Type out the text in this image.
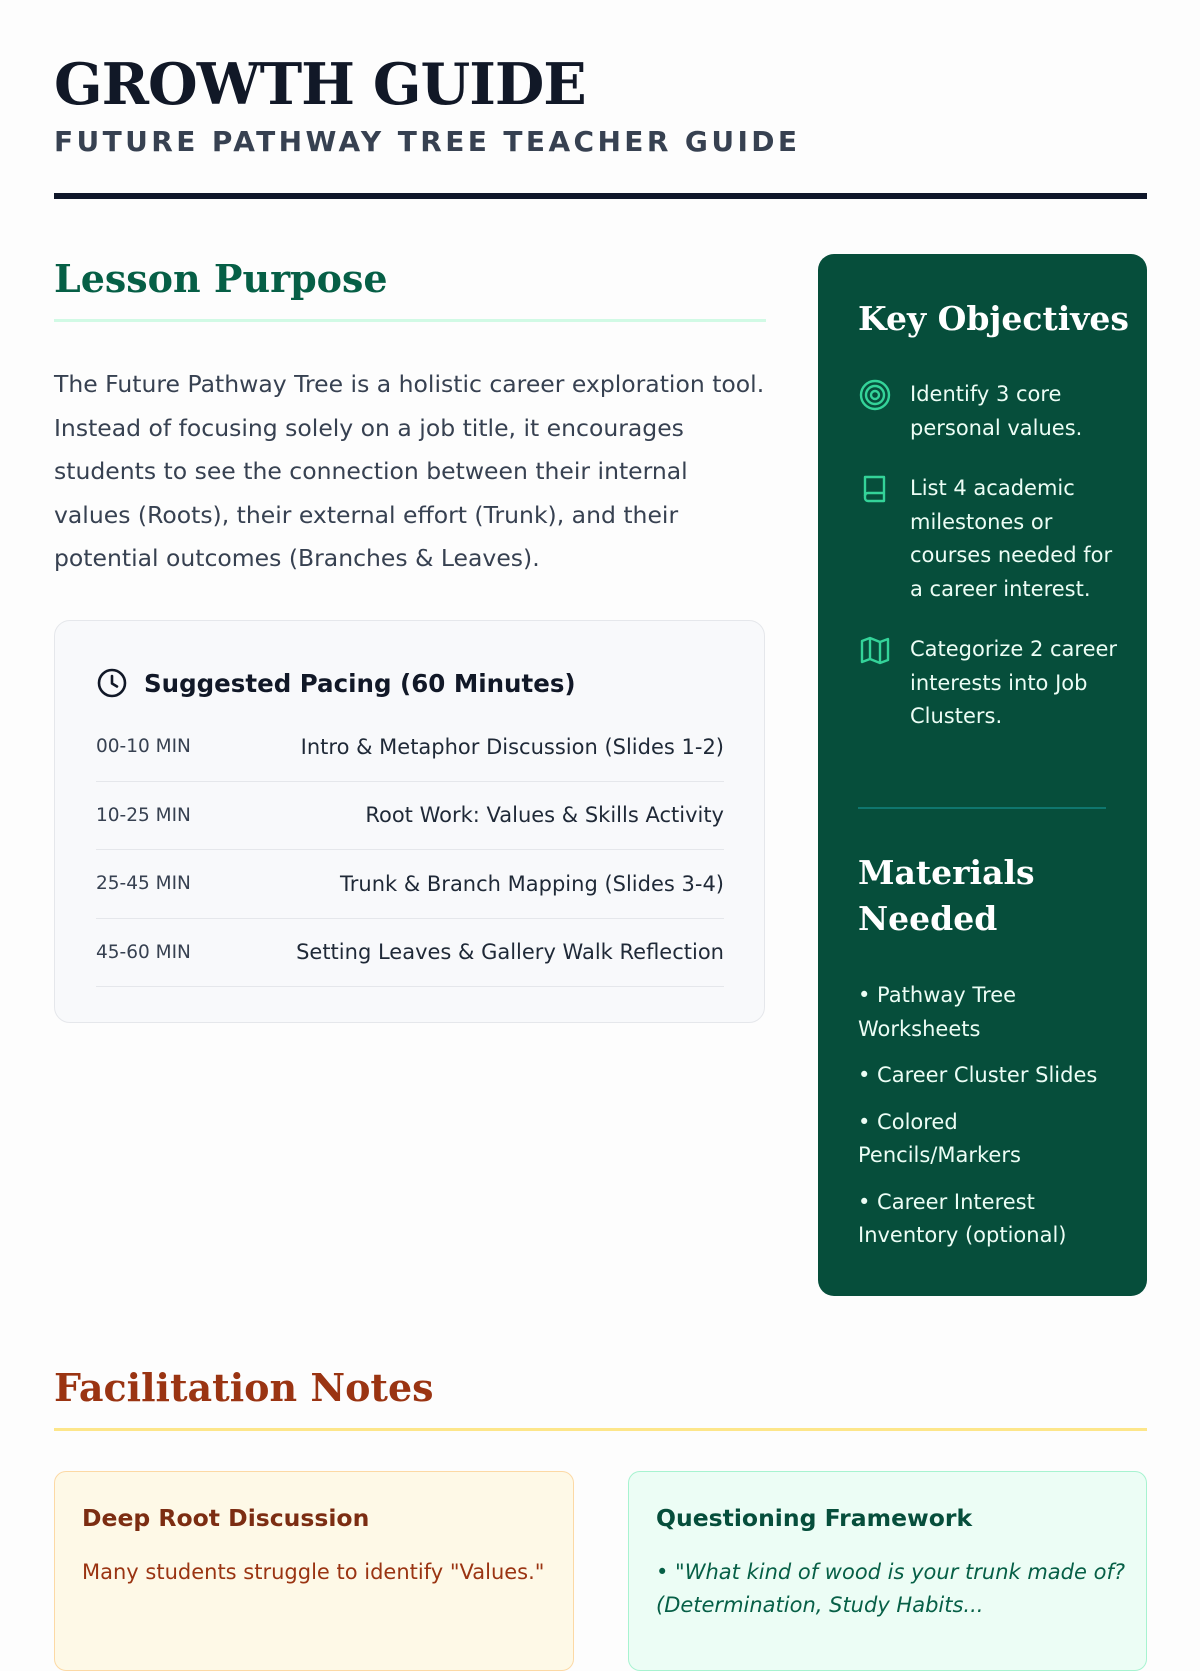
GROWTH GUIDE
FUTURE PATHWAY TREE TEACHER GUIDE
Lesson Purpose

The Future Pathway Tree is a holistic career exploration tool. Instead of focusing solely on a job title, it encourages students to see the connection between their internal values (Roots), their external effort (Trunk), and their potential outcomes (Branches & Leaves).

Suggested Pacing (60 Minutes)
00-10 MIN	Intro & Metaphor Discussion (Slides 1-2)
10-25 MIN	Root Work: Values & Skills Activity
25-45 MIN	Trunk & Branch Mapping (Slides 3-4)
45-60 MIN	Setting Leaves & Gallery Walk Reflection
Key Objectives
Identify 3 core personal values.
List 4 academic milestones or courses needed for a career interest.
Categorize 2 career interests into Job Clusters.
Materials Needed
• Pathway Tree Worksheets
• Career Cluster Slides
• Colored Pencils/Markers
• Career Interest Inventory (optional)
Facilitation Notes
Deep Root Discussion
Many students struggle to identify "Values."
Questioning Framework
• "What kind of wood is your trunk made of? (Determination, Study Habits...
